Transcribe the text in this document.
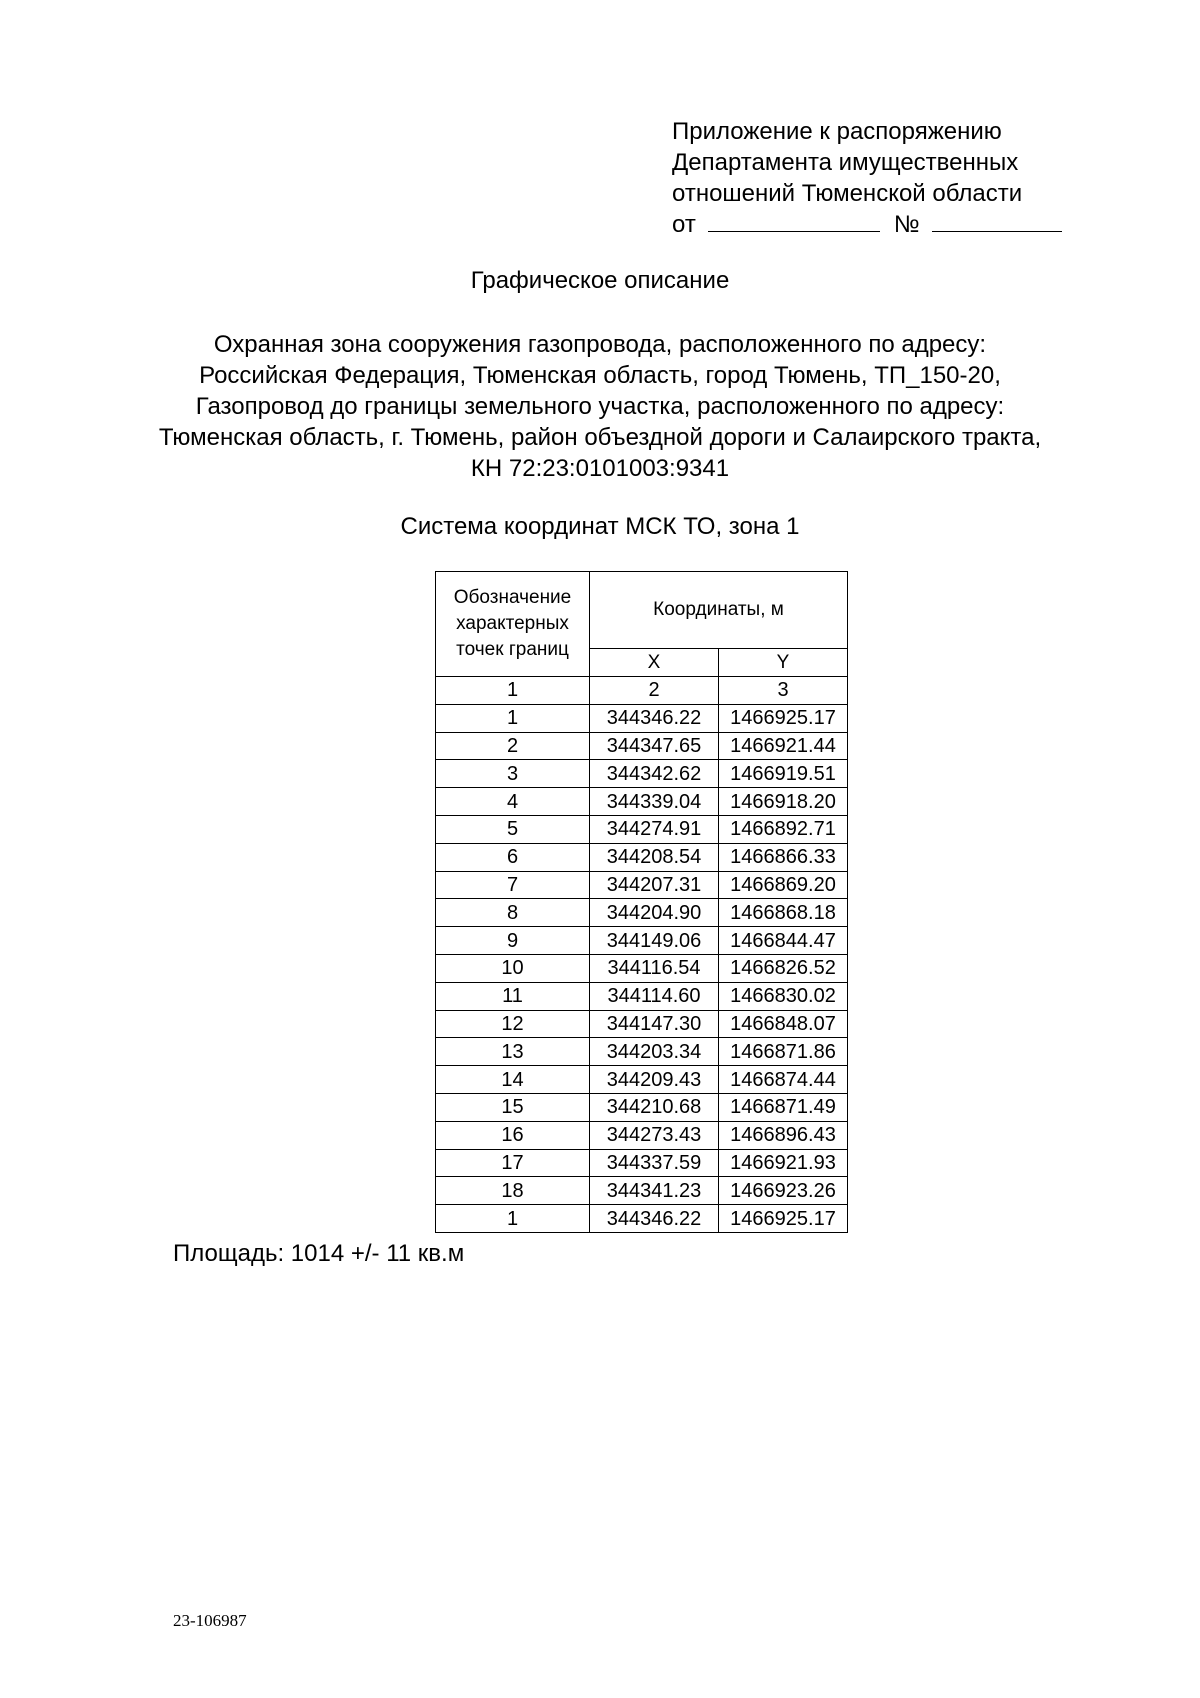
Приложение к распоряжению
Департамента имущественных
отношений Тюменской области
от	№
Графическое описание
Охранная зона сооружения газопровода, расположенного по адресу:
Российская Федерация, Тюменская область, город Тюмень, ТП_150-20,
Газопровод до границы земельного участка, расположенного по адресу:
Тюменская область, г. Тюмень, район объездной дороги и Салаирского тракта,
КН 72:23:0101003:9341
Система координат МСК ТО, зона 1
Обозначение
характерных
точек границ	Координаты, м	
	X	Y
1	2	3
1	344346.22	1466925.17
2	344347.65	1466921.44
3	344342.62	1466919.51
4	344339.04	1466918.20
5	344274.91	1466892.71
6	344208.54	1466866.33
7	344207.31	1466869.20
8	344204.90	1466868.18
9	344149.06	1466844.47
10	344116.54	1466826.52
11	344114.60	1466830.02
12	344147.30	1466848.07
13	344203.34	1466871.86
14	344209.43	1466874.44
15	344210.68	1466871.49
16	344273.43	1466896.43
17	344337.59	1466921.93
18	344341.23	1466923.26
1	344346.22	1466925.17
Площадь: 1014 +/- 11 кв.м
23-106987
